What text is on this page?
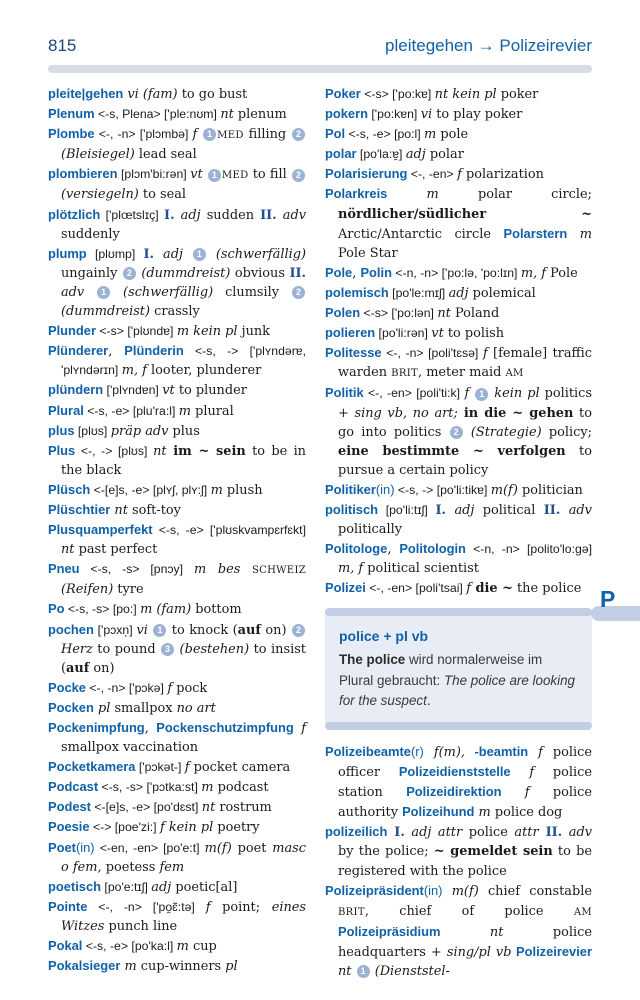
815	pleitegehen → Polizeirevier

pleite|gehen vi (fam) to go bust

Plenum <-s, Plena> ['ple:nʊm] nt plenum

Plombe <-, -n> ['plɔmbə] f 1 MED filling 2 (Bleisiegel) lead seal

plombieren [plɔm'bi:rən] vt 1 MED to fill 2 (versiegeln) to seal

plötzlich ['plœtslɪç] I. adj sudden II. adv suddenly

plump [plʊmp] I. adj 1 (schwerfällig) ungainly 2 (dummdreist) obvious II. adv 1 (schwerfällig) clumsily 2 (dummdreist) crassly

Plunder <-s> ['plʊndɐ] m kein pl junk

Plünderer, Plünderin <-s, -> ['plʏndərɐ, 'plʏndərɪn] m, f looter, plunderer

plündern ['plʏndɐn] vt to plunder

Plural <-s, -e> [plu'ra:l] m plural

plus [plʊs] präp adv plus

Plus <-, -> [plʊs] nt im ~ sein to be in the black

Plüsch <-[e]s, -e> [plʏʃ, plʏ:ʃ] m plush

Plüschtier nt soft-toy

Plusquamperfekt <-s, -e> ['plʊskvampɛrfɛkt] nt past perfect

Pneu <-s, -s> [pnɔy] m bes SCHWEIZ (Reifen) tyre

Po <-s, -s> [po:] m (fam) bottom

pochen ['pɔxn̩] vi 1 to knock (auf on) 2 Herz to pound 3 (bestehen) to insist (auf on)

Pocke <-, -n> ['pɔkə] f pock

Pocken pl smallpox no art

Pockenimpfung, Pockenschutzimpfung f smallpox vaccination

Pocketkamera ['pɔkət-] f pocket camera

Podcast <-s, -s> ['pɔtka:st] m podcast

Podest <-[e]s, -e> [po'dɛst] nt rostrum

Poesie <-> [poe'zi:] f kein pl poetry

Poet(in) <-en, -en> [po'e:t] m(f) poet masc o fem, poetess fem

poetisch [po'e:tɪʃ] adj poetic[al]

Pointe <-, -n> ['po̯ɛ̃:tə] f point; eines Witzes punch line

Pokal <-s, -e> [po'ka:l] m cup

Pokalsieger m cup-winners pl

Poker <-s> ['po:kɐ] nt kein pl poker

pokern ['po:kɐn] vi to play poker

Pol <-s, -e> [po:l] m pole

polar [po'la:ɐ̯] adj polar

Polarisierung <-, -en> f polarization

Polarkreis m polar circle; nördlicher/südlicher ~ Arctic/Antarctic circle Polarstern m Pole Star

Pole, Polin <-n, -n> ['po:lə, 'po:lɪn] m, f Pole

polemisch [po'le:mɪʃ] adj polemical

Polen <-s> ['po:lən] nt Poland

polieren [po'li:rən] vt to polish

Politesse <-, -n> [poli'tɛsə] f [female] traffic warden BRIT, meter maid AM

Politik <-, -en> [poli'ti:k] f 1 kein pl politics + sing vb, no art; in die ~ gehen to go into politics 2 (Strategie) policy; eine bestimmte ~ verfolgen to pursue a certain policy

Politiker(in) <-s, -> [po'li:tikɐ] m(f) politician

politisch [po'li:tɪʃ] I. adj political II. adv politically

Politologe, Politologin <-n, -n> [polito'lo:gə] m, f political scientist

Polizei <-, -en> [poli'tsai] f die ~ the police

police + pl vb
The police wird normalerweise im Plural gebraucht: The police are looking for the suspect.

Polizeibeamte(r) f(m), -beamtin f police officer Polizeidienststelle f police station Polizeidirektion f police authority Polizeihund m police dog

polizeilich I. adj attr police attr II. adv by the police; ~ gemeldet sein to be registered with the police

Polizeipräsident(in) m(f) chief constable BRIT, chief of police AM Polizeipräsidium nt police headquarters + sing/pl vb Polizeirevier nt 1 (Dienststel-

P
